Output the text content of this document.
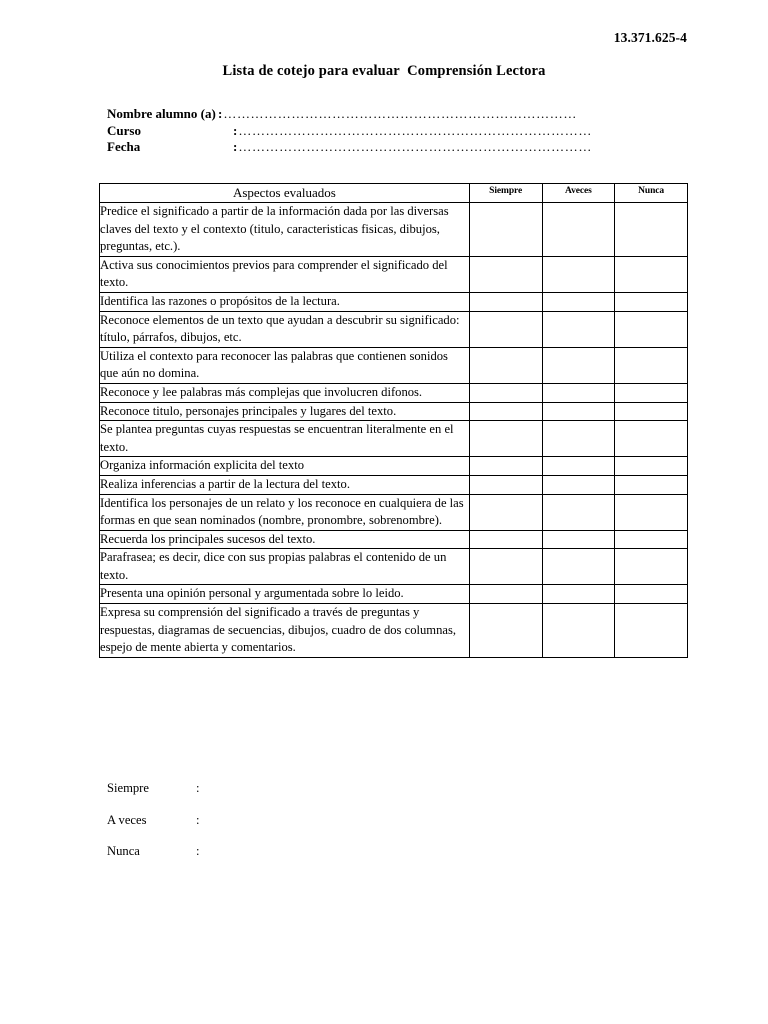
13.371.625-4
Lista de cotejo para evaluar  Comprensión Lectora
Nombre alumno (a) : ……………………………………………………………………
Curso	: ……………………………………………………………………
Fecha	: ……………………………………………………………………
Aspectos evaluados	Siempre	Aveces	Nunca
Predice el significado a partir de la información dada por las diversas claves del texto y el contexto (titulo, caracteristicas fisicas, dibujos, preguntas, etc.).			
Activa sus conocimientos previos para comprender el significado del texto.			
Identifica las razones o propósitos de la lectura.			
Reconoce elementos de un texto que ayudan a descubrir su significado: título, párrafos, dibujos, etc.			
Utiliza el contexto para reconocer las palabras que contienen sonidos que aún no domina.			
Reconoce y lee palabras más complejas que involucren difonos.			
Reconoce titulo, personajes principales y lugares del texto.			
Se plantea preguntas cuyas respuestas se encuentran literalmente en el texto.			
Organiza información explicita del texto			
Realiza inferencias a partir de la lectura del texto.			
Identifica los personajes de un relato y los reconoce en cualquiera de las formas en que sean nominados (nombre, pronombre, sobrenombre).			
Recuerda los principales sucesos del texto.			
Parafrasea; es decir, dice con sus propias palabras el contenido de un texto.			
Presenta una opinión personal y argumentada sobre lo leido.			
Expresa su comprensión del significado a través de preguntas y respuestas, diagramas de secuencias, dibujos, cuadro de dos columnas, espejo de mente abierta y comentarios.			
Siempre	:
A veces	:
Nunca	:
